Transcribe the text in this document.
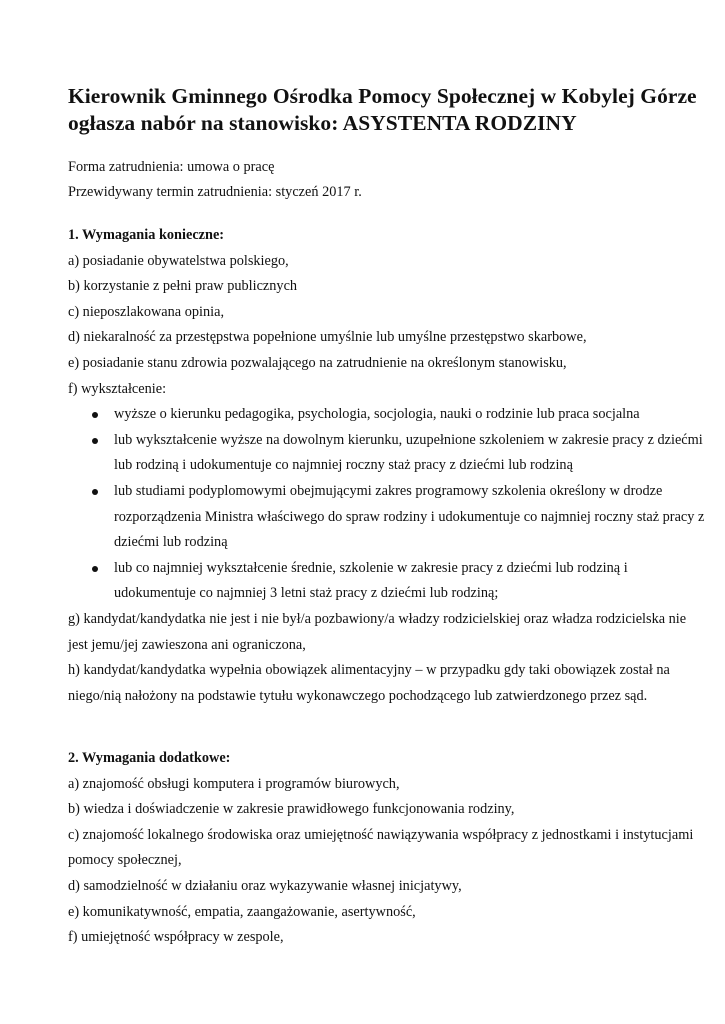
Kierownik Gminnego Ośrodka Pomocy Społecznej w Kobylej Górze ogłasza nabór na stanowisko: ASYSTENTA RODZINY

Forma zatrudnienia: umowa o pracę

Przewidywany termin zatrudnienia: styczeń 2017 r.

1. Wymagania konieczne:

a) posiadanie obywatelstwa polskiego,

b) korzystanie z pełni praw publicznych

c) nieposzlakowana opinia,

d) niekaralność za przestępstwa popełnione umyślnie lub umyślne przestępstwo skarbowe,

e) posiadanie stanu zdrowia pozwalającego na zatrudnienie na określonym stanowisku,

f) wykształcenie:

wyższe o kierunku pedagogika, psychologia, socjologia, nauki o rodzinie lub praca socjalna
lub wykształcenie wyższe na dowolnym kierunku, uzupełnione szkoleniem w zakresie pracy z dziećmi lub rodziną i udokumentuje co najmniej roczny staż pracy z dziećmi lub rodziną
lub studiami podyplomowymi obejmującymi zakres programowy szkolenia określony w drodze rozporządzenia Ministra właściwego do spraw rodziny i udokumentuje co najmniej roczny staż pracy z dziećmi lub rodziną
lub co najmniej wykształcenie średnie, szkolenie w zakresie pracy z dziećmi lub rodziną i udokumentuje co najmniej 3 letni staż pracy z dziećmi lub rodziną;

g) kandydat/kandydatka nie jest i nie był/a pozbawiony/a władzy rodzicielskiej oraz władza rodzicielska nie jest jemu/jej zawieszona ani ograniczona,

h) kandydat/kandydatka wypełnia obowiązek alimentacyjny – w przypadku gdy taki obowiązek został na niego/nią nałożony na podstawie tytułu wykonawczego pochodzącego lub zatwierdzonego przez sąd.

2. Wymagania dodatkowe:

a) znajomość obsługi komputera i programów biurowych,

b) wiedza i doświadczenie w zakresie prawidłowego funkcjonowania rodziny,

c) znajomość lokalnego środowiska oraz umiejętność nawiązywania współpracy z jednostkami i instytucjami pomocy społecznej,

d) samodzielność w działaniu oraz wykazywanie własnej inicjatywy,

e) komunikatywność, empatia, zaangażowanie, asertywność,

f) umiejętność współpracy w zespole,
